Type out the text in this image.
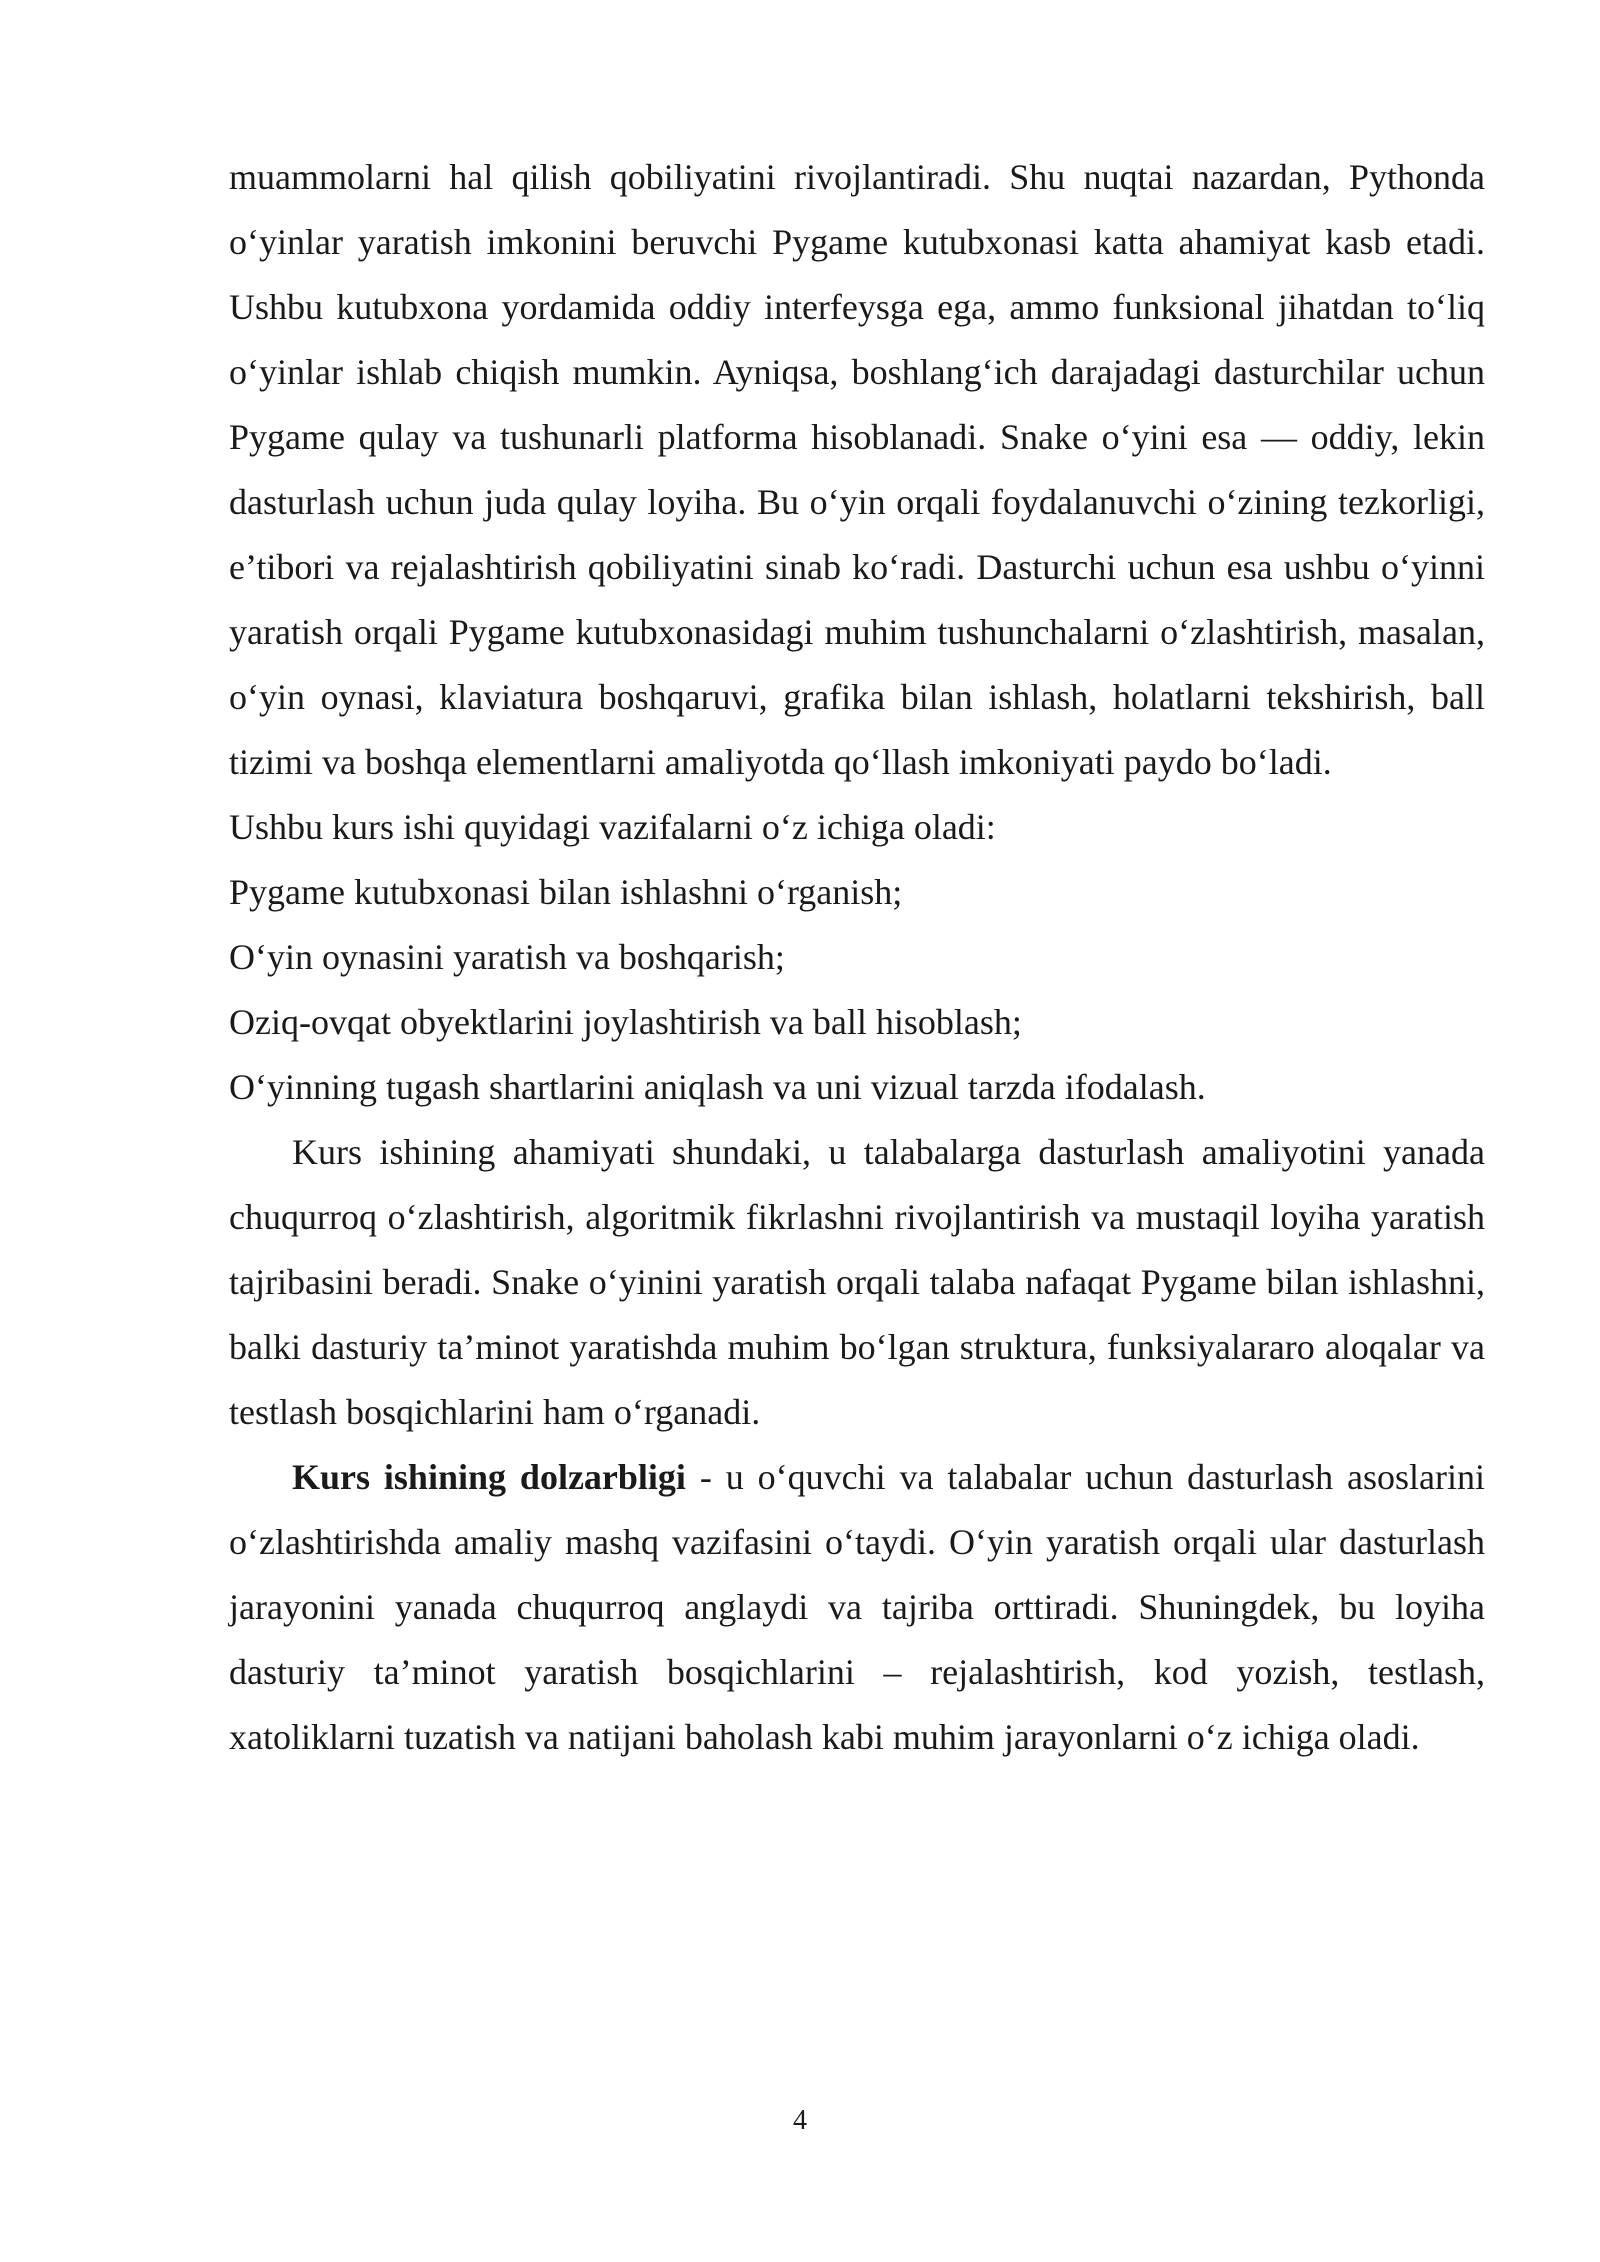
muammolarni hal qilish qobiliyatini rivojlantiradi. Shu nuqtai nazardan, Pythonda o‘yinlar yaratish imkonini beruvchi Pygame kutubxonasi katta ahamiyat kasb etadi. Ushbu kutubxona yordamida oddiy interfeysga ega, ammo funksional jihatdan to‘liq o‘yinlar ishlab chiqish mumkin. Ayniqsa, boshlang‘ich darajadagi dasturchilar uchun Pygame qulay va tushunarli platforma hisoblanadi. Snake o‘yini esa — oddiy, lekin dasturlash uchun juda qulay loyiha. Bu o‘yin orqali foydalanuvchi o‘zining tezkorligi, e’tibori va rejalashtirish qobiliyatini sinab ko‘radi. Dasturchi uchun esa ushbu o‘yinni yaratish orqali Pygame kutubxonasidagi muhim tushunchalarni o‘zlashtirish, masalan, o‘yin oynasi, klaviatura boshqaruvi, grafika bilan ishlash, holatlarni tekshirish, ball tizimi va boshqa elementlarni amaliyotda qo‘llash imkoniyati paydo bo‘ladi.

Ushbu kurs ishi quyidagi vazifalarni o‘z ichiga oladi:

Pygame kutubxonasi bilan ishlashni o‘rganish;

O‘yin oynasini yaratish va boshqarish;

Oziq-ovqat obyektlarini joylashtirish va ball hisoblash;

O‘yinning tugash shartlarini aniqlash va uni vizual tarzda ifodalash.

Kurs ishining ahamiyati shundaki, u talabalarga dasturlash amaliyotini yanada chuqurroq o‘zlashtirish, algoritmik fikrlashni rivojlantirish va mustaqil loyiha yaratish tajribasini beradi. Snake o‘yinini yaratish orqali talaba nafaqat Pygame bilan ishlashni, balki dasturiy ta’minot yaratishda muhim bo‘lgan struktura, funksiyalararo aloqalar va testlash bosqichlarini ham o‘rganadi.

Kurs ishining dolzarbligi - u o‘quvchi va talabalar uchun dasturlash asoslarini o‘zlashtirishda amaliy mashq vazifasini o‘taydi. O‘yin yaratish orqali ular dasturlash jarayonini yanada chuqurroq anglaydi va tajriba orttiradi. Shuningdek, bu loyiha dasturiy ta’minot yaratish bosqichlarini – rejalashtirish, kod yozish, testlash, xatoliklarni tuzatish va natijani baholash kabi muhim jarayonlarni o‘z ichiga oladi.

4
